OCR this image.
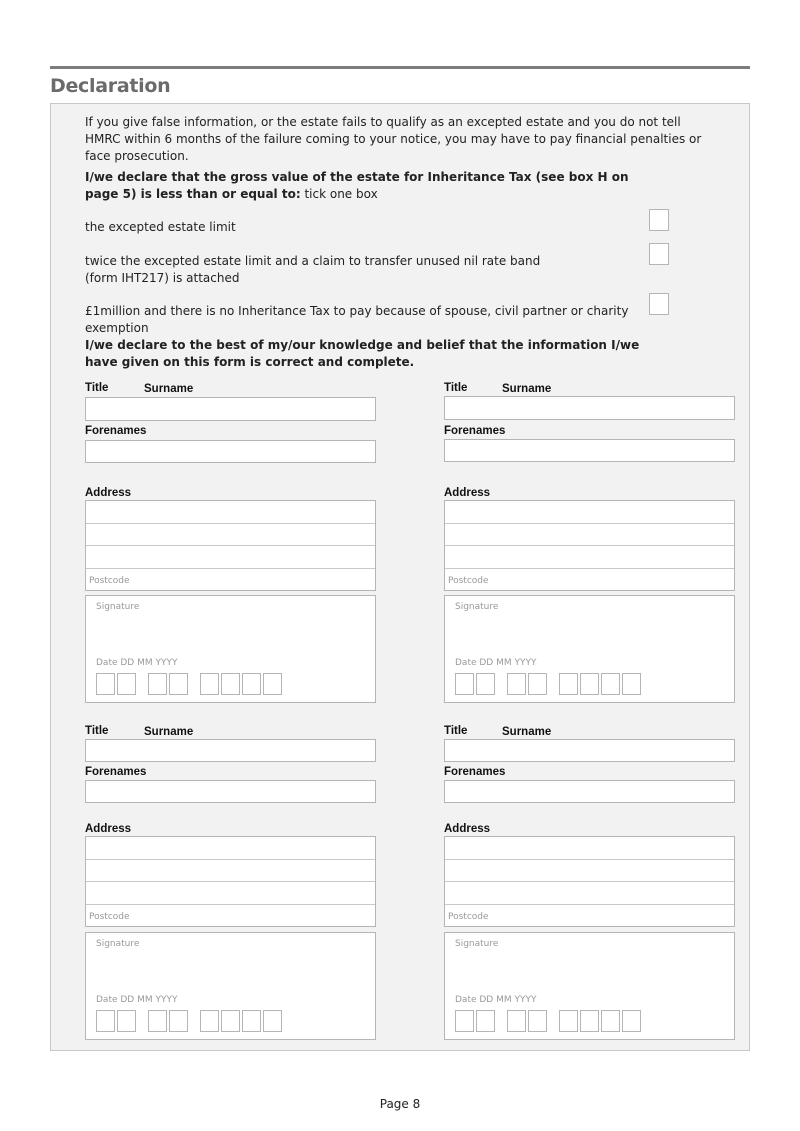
Declaration
If you give false information, or the estate fails to qualify as an excepted estate and you do not tell HMRC within 6 months of the failure coming to your notice, you may have to pay financial penalties or face prosecution.
I/we declare that the gross value of the estate for Inheritance Tax (see box H on page 5) is less than or equal to: tick one box
the excepted estate limit
twice the excepted estate limit and a claim to transfer unused nil rate band (form IHT217) is attached
£1million and there is no Inheritance Tax to pay because of spouse, civil partner or charity exemption
I/we declare to the best of my/our knowledge and belief that the information I/we have given on this form is correct and complete.
Title	Surname
Forenames
Address
Postcode
Signature
Date DD MM YYYY
Title	Surname
Forenames
Address
Postcode
Signature
Date DD MM YYYY
Title	Surname
Forenames
Address
Postcode
Signature
Date DD MM YYYY
Title	Surname
Forenames
Address
Postcode
Signature
Date DD MM YYYY
Page 8
